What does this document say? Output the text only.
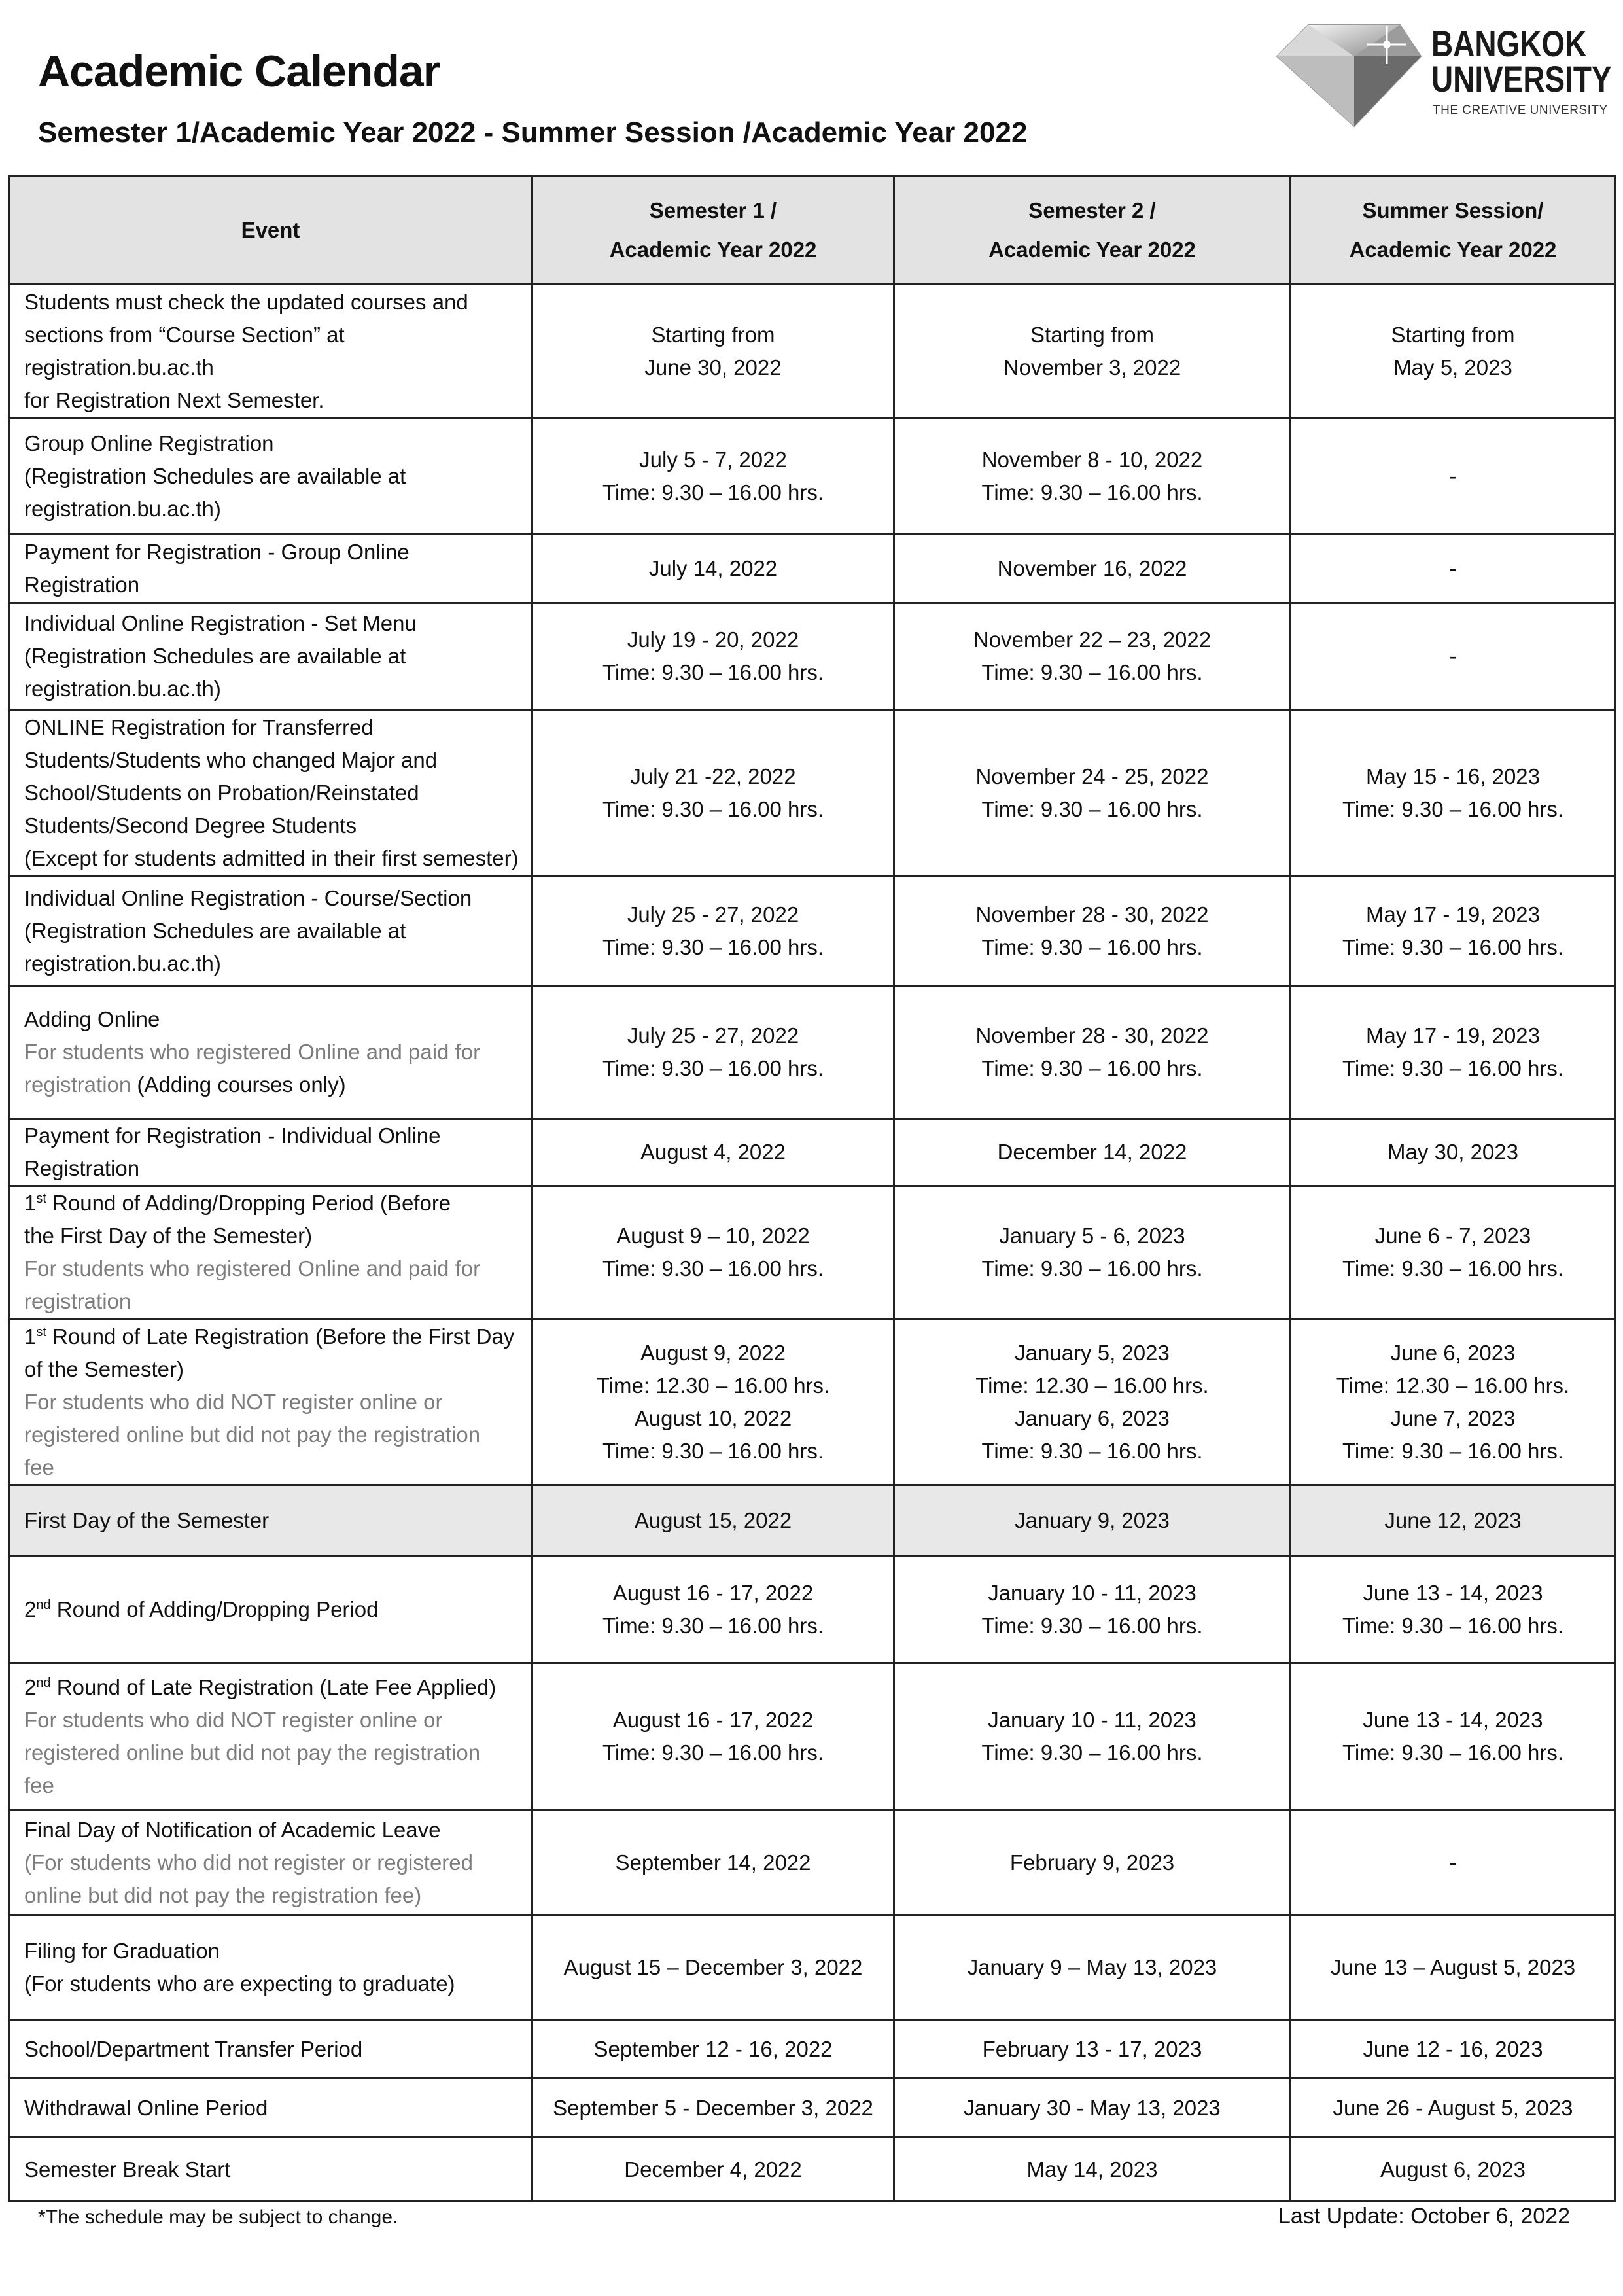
Academic Calendar
Semester 1/Academic Year 2022 - Summer Session /Academic Year 2022
BANGKOK
UNIVERSITY
THE CREATIVE UNIVERSITY
Event	Semester 1 /
Academic Year 2022	Semester 2 /
Academic Year 2022	Summer Session/
Academic Year 2022

Students must check the updated courses and
sections from “Course Section” at
registration.bu.ac.th
for Registration Next Semester.	Starting from
June 30, 2022	Starting from
November 3, 2022	Starting from
May 5, 2023

Group Online Registration
(Registration Schedules are available at
registration.bu.ac.th)	July 5 - 7, 2022
Time: 9.30 – 16.00 hrs.	November 8 - 10, 2022
Time: 9.30 – 16.00 hrs.	-

Payment for Registration - Group Online
Registration	July 14, 2022	November 16, 2022	-

Individual Online Registration - Set Menu
(Registration Schedules are available at
registration.bu.ac.th)	July 19 - 20, 2022
Time: 9.30 – 16.00 hrs.	November 22 – 23, 2022
Time: 9.30 – 16.00 hrs.	-

ONLINE Registration for Transferred
Students/Students who changed Major and
School/Students on Probation/Reinstated
Students/Second Degree Students
(Except for students admitted in their first semester)	July 21 -22, 2022
Time: 9.30 – 16.00 hrs.	November 24 - 25, 2022
Time: 9.30 – 16.00 hrs.	May 15 - 16, 2023
Time: 9.30 – 16.00 hrs.

Individual Online Registration - Course/Section
(Registration Schedules are available at
registration.bu.ac.th)	July 25 - 27, 2022
Time: 9.30 – 16.00 hrs.	November 28 - 30, 2022
Time: 9.30 – 16.00 hrs.	May 17 - 19, 2023
Time: 9.30 – 16.00 hrs.

Adding Online
For students who registered Online and paid for
registration (Adding courses only)	July 25 - 27, 2022
Time: 9.30 – 16.00 hrs.	November 28 - 30, 2022
Time: 9.30 – 16.00 hrs.	May 17 - 19, 2023
Time: 9.30 – 16.00 hrs.

Payment for Registration - Individual Online
Registration	August 4, 2022	December 14, 2022	May 30, 2023

1st Round of Adding/Dropping Period (Before
the First Day of the Semester)
For students who registered Online and paid for
registration	August 9 – 10, 2022
Time: 9.30 – 16.00 hrs.	January 5 - 6, 2023
Time: 9.30 – 16.00 hrs.	June 6 - 7, 2023
Time: 9.30 – 16.00 hrs.

1st Round of Late Registration (Before the First Day
of the Semester)
For students who did NOT register online or
registered online but did not pay the registration
fee	August 9, 2022
Time: 12.30 – 16.00 hrs.
August 10, 2022
Time: 9.30 – 16.00 hrs.	January 5, 2023
Time: 12.30 – 16.00 hrs.
January 6, 2023
Time: 9.30 – 16.00 hrs.	June 6, 2023
Time: 12.30 – 16.00 hrs.
June 7, 2023
Time: 9.30 – 16.00 hrs.

First Day of the Semester	August 15, 2022	January 9, 2023	June 12, 2023

2nd Round of Adding/Dropping Period	August 16 - 17, 2022
Time: 9.30 – 16.00 hrs.	January 10 - 11, 2023
Time: 9.30 – 16.00 hrs.	June 13 - 14, 2023
Time: 9.30 – 16.00 hrs.

2nd Round of Late Registration (Late Fee Applied)
For students who did NOT register online or
registered online but did not pay the registration
fee	August 16 - 17, 2022
Time: 9.30 – 16.00 hrs.	January 10 - 11, 2023
Time: 9.30 – 16.00 hrs.	June 13 - 14, 2023
Time: 9.30 – 16.00 hrs.

Final Day of Notification of Academic Leave
(For students who did not register or registered
online but did not pay the registration fee)	September 14, 2022	February 9, 2023	-

Filing for Graduation
(For students who are expecting to graduate)	August 15 – December 3, 2022	January 9 – May 13, 2023	June 13 – August 5, 2023

School/Department Transfer Period	September 12 - 16, 2022	February 13 - 17, 2023	June 12 - 16, 2023

Withdrawal Online Period	September 5 - December 3, 2022	January 30 - May 13, 2023	June 26 - August 5, 2023

Semester Break Start	December 4, 2022	May 14, 2023	August 6, 2023
*The schedule may be subject to change.	Last Update: October 6, 2022
